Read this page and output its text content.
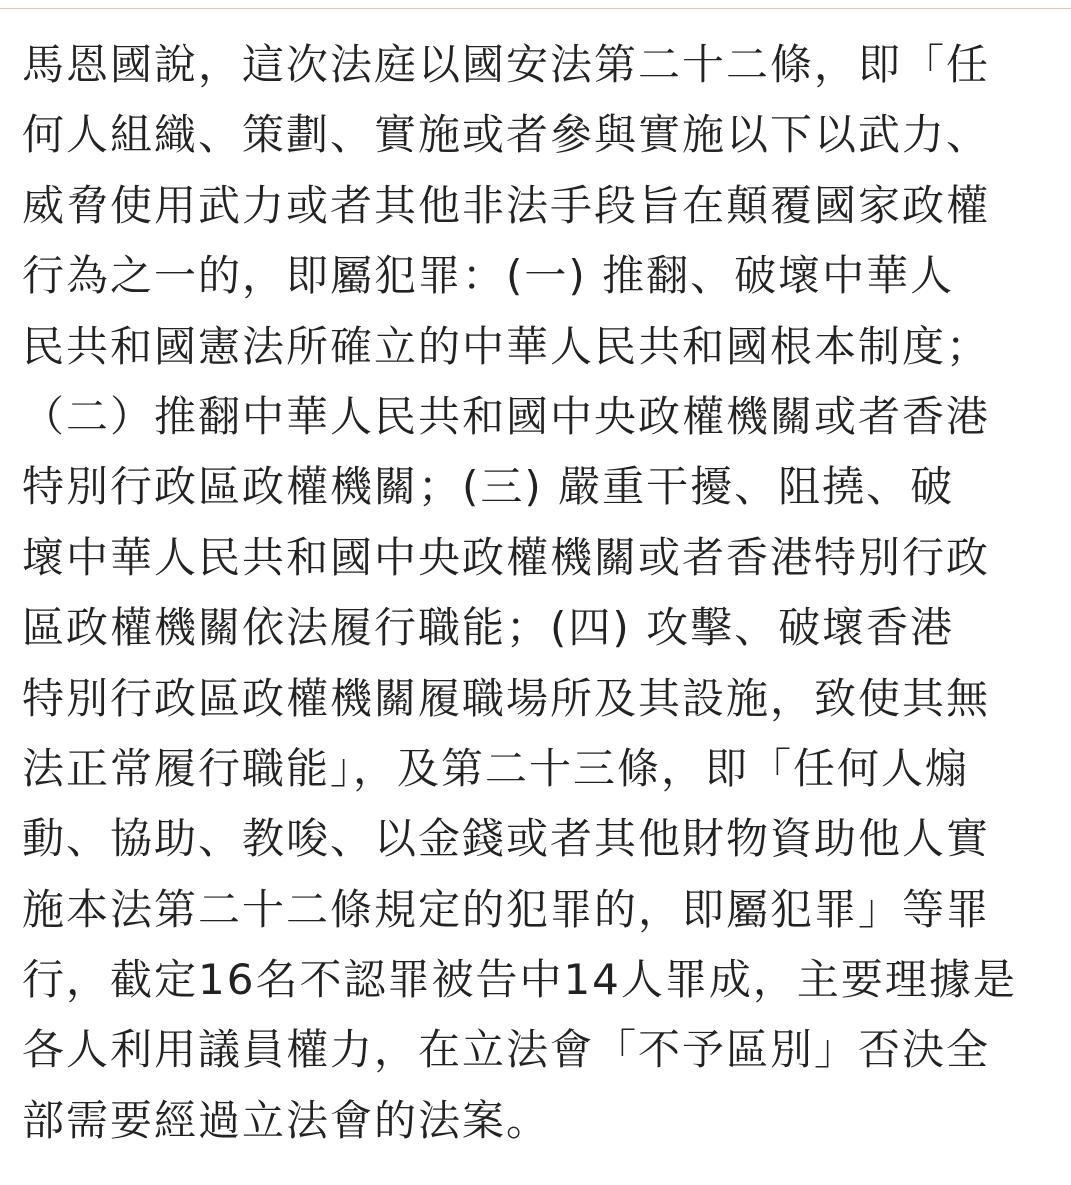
馬恩國說，這次法庭以國安法第二十二條，即「任
何人組織、策劃、實施或者參與實施以下以武力、
威脅使用武力或者其他非法手段旨在顛覆國家政權
行為之一的，即屬犯罪：(一) 推翻、破壞中華人
民共和國憲法所確立的中華人民共和國根本制度；
（二）推翻中華人民共和國中央政權機關或者香港
特別行政區政權機關；(三) 嚴重干擾、阻撓、破
壞中華人民共和國中央政權機關或者香港特別行政
區政權機關依法履行職能；(四) 攻擊、破壞香港
特別行政區政權機關履職場所及其設施，致使其無
法正常履行職能」，及第二十三條，即「任何人煽
動、協助、教唆、以金錢或者其他財物資助他人實
施本法第二十二條規定的犯罪的，即屬犯罪」等罪
行，截定16名不認罪被告中14人罪成，主要理據是
各人利用議員權力，在立法會「不予區別」否決全
部需要經過立法會的法案。
